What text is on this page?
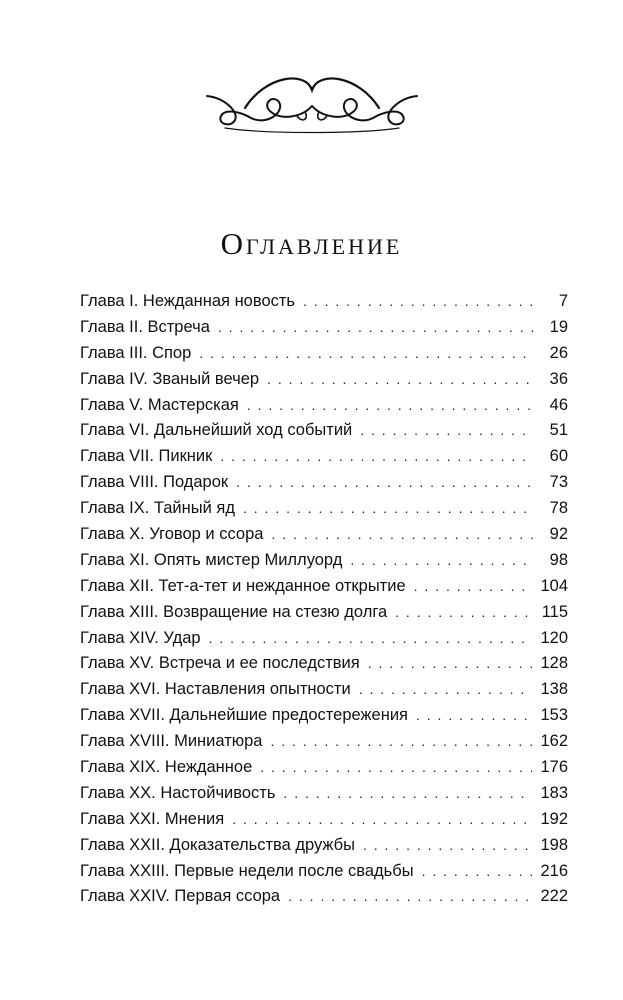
Оглавление
Глава I. Нежданная новость . . .	7
Глава II. Встреча . . .	19
Глава III. Спор . . .	26
Глава IV. Званый вечер . . .	36
Глава V. Мастерская . . .	46
Глава VI. Дальнейший ход событий . . .	51
Глава VII. Пикник . . .	60
Глава VIII. Подарок . . .	73
Глава IX. Тайный яд . . .	78
Глава X. Уговор и ссора . . .	92
Глава XI. Опять мистер Миллуорд . . .	98
Глава XII. Тет-а-тет и нежданное открытие . . .	104
Глава XIII. Возвращение на стезю долга . . .	115
Глава XIV. Удар . . .	120
Глава XV. Встреча и ее последствия . . .	128
Глава XVI. Наставления опытности . . .	138
Глава XVII. Дальнейшие предостережения . . .	153
Глава XVIII. Миниатюра . . .	162
Глава XIX. Нежданное . . .	176
Глава XX. Настойчивость . . .	183
Глава XXI. Мнения . . .	192
Глава XXII. Доказательства дружбы . . .	198
Глава XXIII. Первые недели после свадьбы . . .	216
Глава XXIV. Первая ссора . . .	222
